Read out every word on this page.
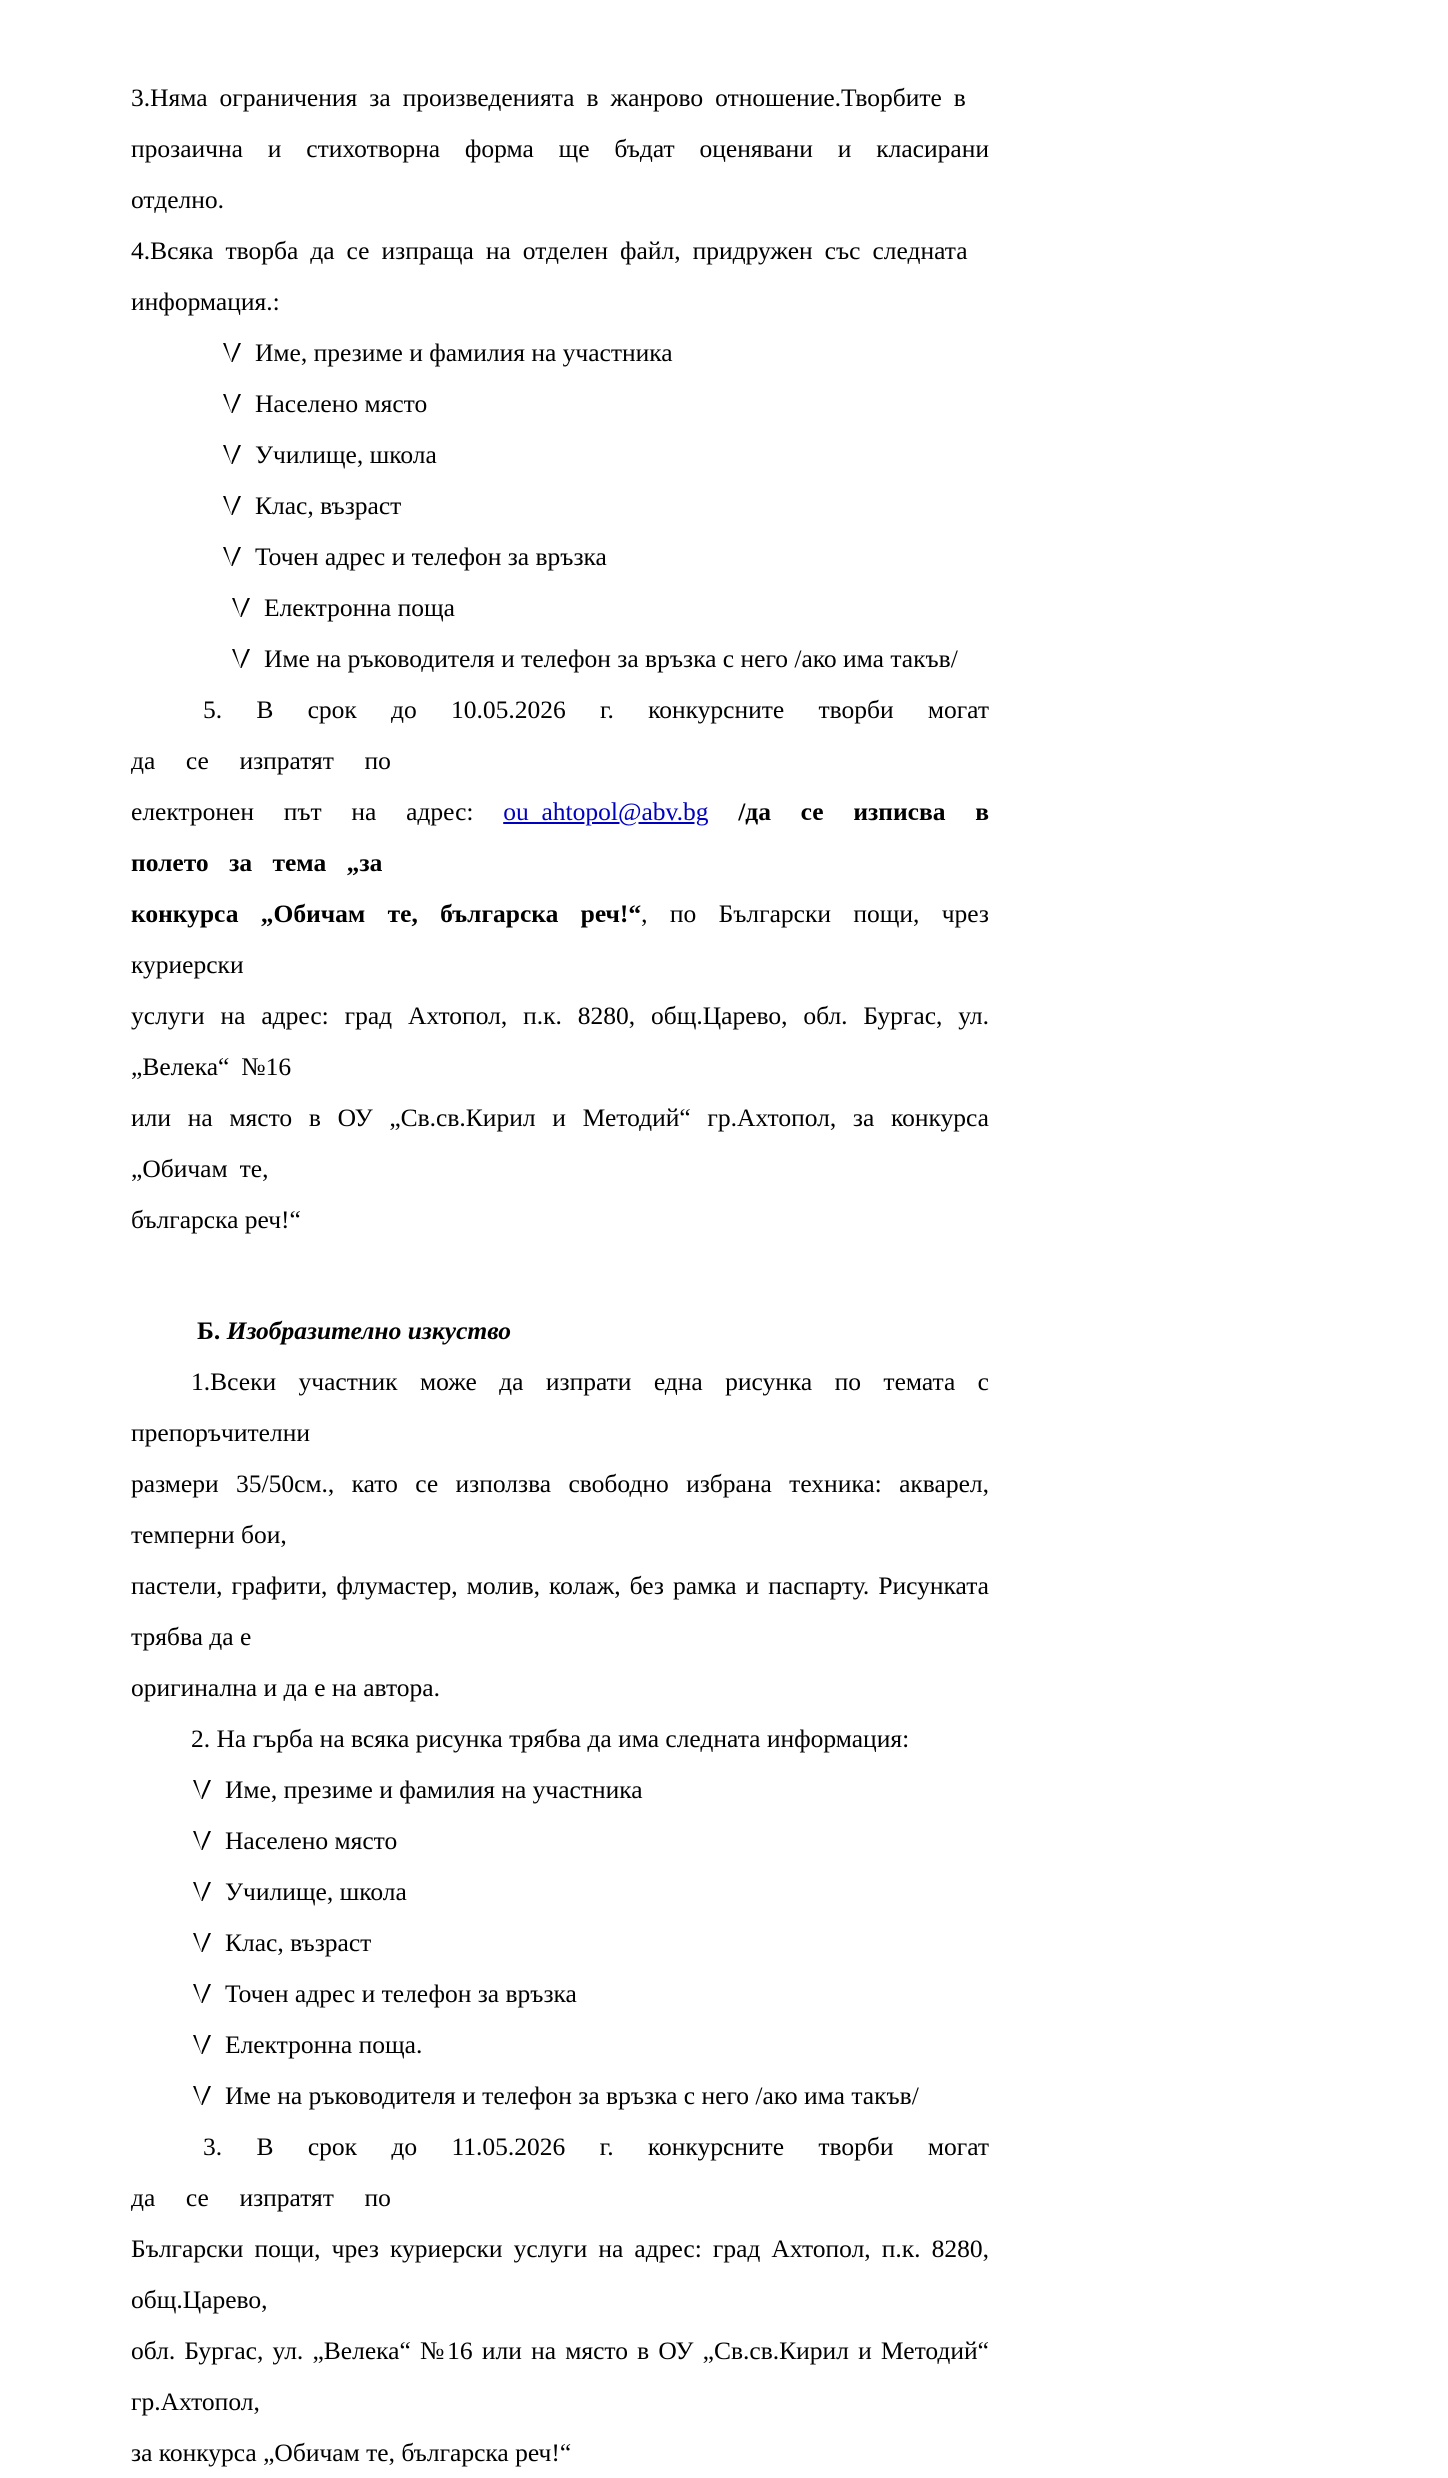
3.Няма ограничения за произведенията в жанрово отношение.Творбите в
прозаична и стихотворна форма ще бъдат оценявани и класирани отделно.
4.Всяка творба да се изпраща на отделен файл, придружен със следната
информация.:
Име, презиме и фамилия на участника
Населено място
Училище, школа
Клас, възраст
Точен адрес и телефон за връзка
Електронна поща
Име на ръководителя и телефон за връзка с него /ако има такъв/
5. В срок до 10.05.2026 г. конкурсните творби могат да се изпратят по
електронен път на адрес: ou_ahtopol@abv.bg /да се изписва в полето за тема „за
конкурса „Обичам те, българска реч!“, по Български пощи, чрез куриерски
услуги на адрес: град Ахтопол, п.к. 8280, общ.Царево, обл. Бургас, ул. „Велека“ №16
или на място в ОУ „Св.св.Кирил и Методий“ гр.Ахтопол, за конкурса „Обичам те,
българска реч!“
Б. Изобразително изкуство
1.Всеки участник може да изпрати една рисунка по темата с препоръчителни
размери 35/50см., като се използва свободно избрана техника: акварел, темперни бои,
пастели, графити, флумастер, молив, колаж, без рамка и паспарту. Рисунката трябва да е
оригинална и да е на автора.
2. На гърба на всяка рисунка трябва да има следната информация:
Име, презиме и фамилия на участника
Населено място
Училище, школа
Клас, възраст
Точен адрес и телефон за връзка
Електронна поща.
Име на ръководителя и телефон за връзка с него /ако има такъв/
3. В срок до 11.05.2026 г. конкурсните творби могат да се изпратят по
Български пощи, чрез куриерски услуги на адрес: град Ахтопол, п.к. 8280, общ.Царево,
обл. Бургас, ул. „Велека“ №16 или на място в ОУ „Св.св.Кирил и Методий“ гр.Ахтопол,
за конкурса „Обичам те, българска реч!“
